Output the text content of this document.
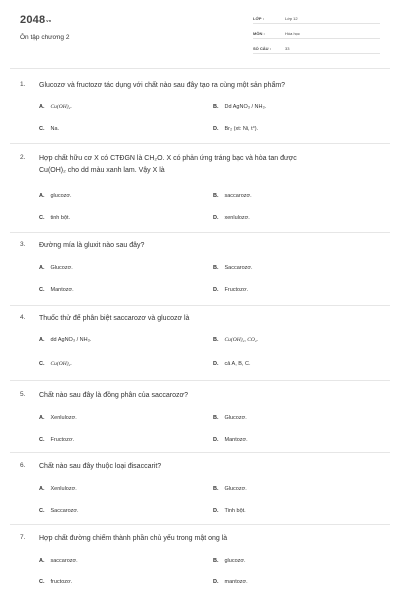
2048vn
Ôn tập chương 2
LỚP :	Lớp 12
MÔN :	Hóa học
SỐ CÂU :	33
1. Glucozơ và fructozơ tác dụng với chất nào sau đây tạo ra cùng một sản phẩm?
A. Cu(OH)₂.	B. Dd AgNO₃ / NH₃.
C. Na.	D. Br₂ (xt: Ni, t°).
2. Hợp chất hữu cơ X có CTĐGN là CH₂O. X có phản ứng tráng bạc và hòa tan được
Cu(OH)₂ cho dd màu xanh lam. Vậy X là
A. glucozơ.	B. saccarozơ.
C. tinh bột.	D. xenlulozơ.
3. Đường mía là gluxit nào sau đây?
A. Glucozơ.	B. Saccarozơ.
C. Mantozơ.	D. Fructozơ.
4. Thuốc thử để phân biệt saccarozơ và glucozơ là
A. dd AgNO₃ / NH₃.	B. Cu(OH)₂, CO₂.
C. Cu(OH)₂.	D. cả A, B, C.
5. Chất nào sau đây là đồng phân của saccarozơ?
A. Xenlulozơ.	B. Glucozơ.
C. Fructozơ.	D. Mantozơ.
6. Chất nào sau đây thuộc loại đisaccarit?
A. Xenlulozơ.	B. Glucozơ.
C. Saccarozơ.	D. Tinh bột.
7. Hợp chất đường chiếm thành phần chủ yếu trong mật ong là
A. saccarozơ.	B. glucozơ.
C. fructozơ.	D. mantozơ.
